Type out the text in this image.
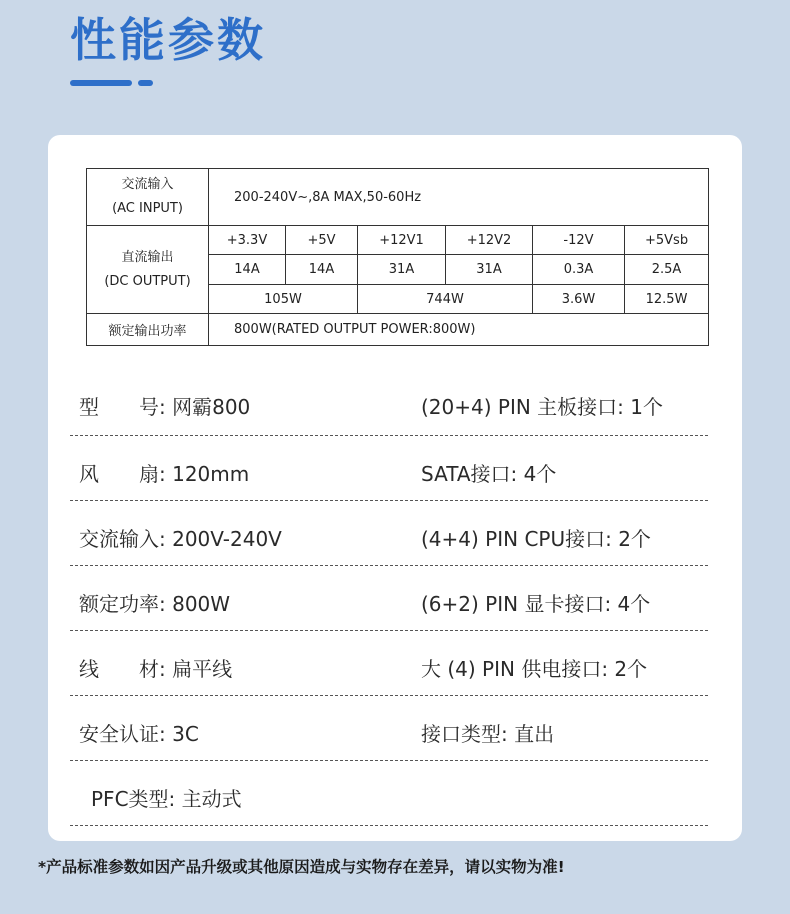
性能参数
交流输入
(AC INPUT)	200-240V~,8A MAX,50-60Hz					

直流输出
(DC OUTPUT)	+3.3V	+5V	+12V1	+12V2	-12V	+5Vsb
	14A	14A	31A	31A	0.3A	2.5A
	105W		744W		3.6W	12.5W
额定输出功率	800W(RATED OUTPUT POWER:800W)					
型　　号: 网霸800	(20+4) PIN 主板接口: 1个
风　　扇: 120mm	SATA接口: 4个
交流输入: 200V-240V	(4+4) PIN CPU接口: 2个
额定功率: 800W	(6+2) PIN 显卡接口: 4个
线　　材: 扁平线	大 (4) PIN 供电接口: 2个
安全认证: 3C	接口类型: 直出
PFC类型: 主动式
*产品标准参数如因产品升级或其他原因造成与实物存在差异，请以实物为准!
